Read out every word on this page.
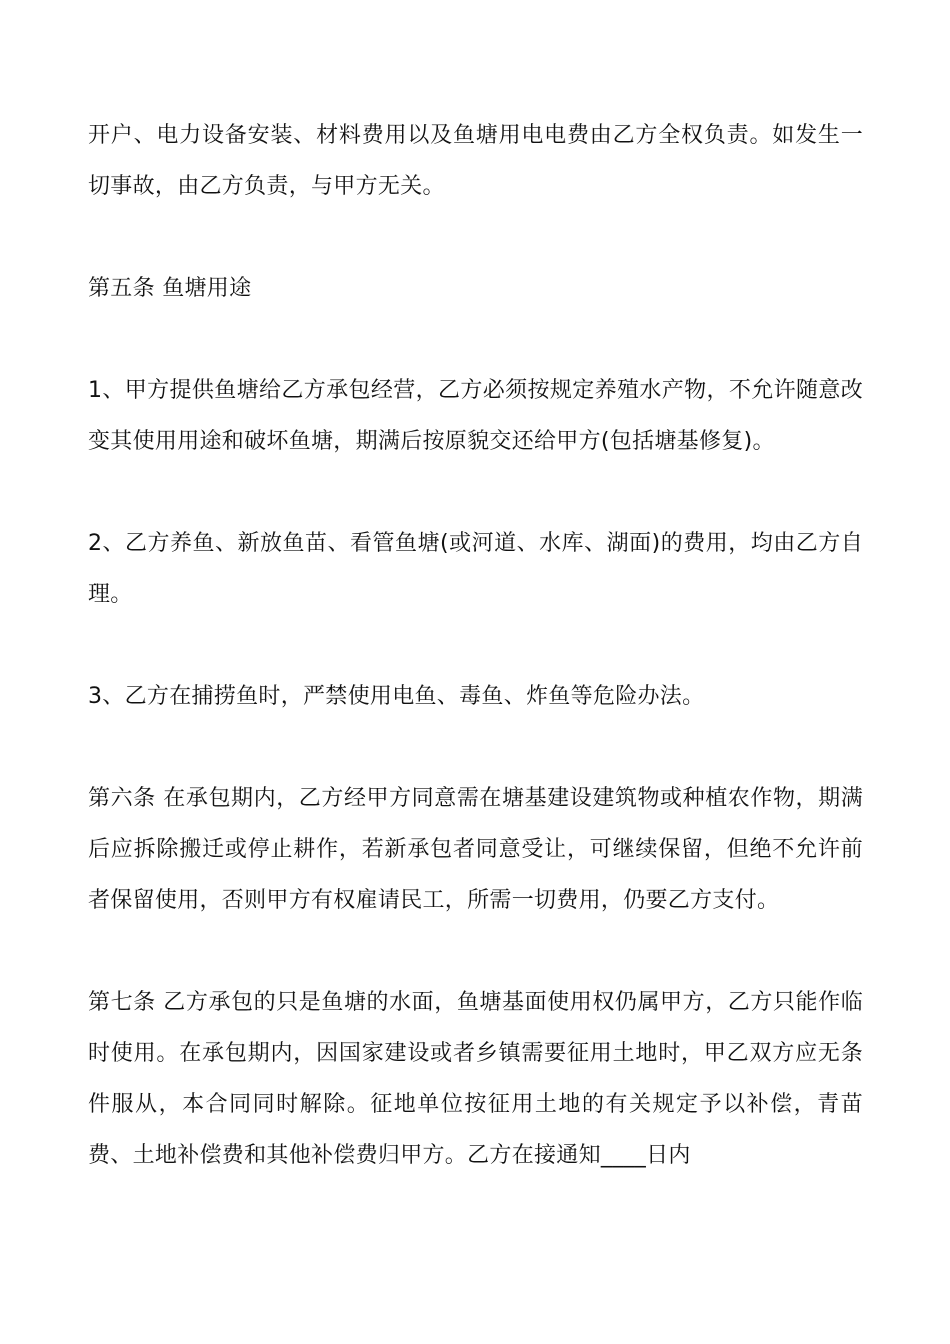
开户、电力设备安装、材料费用以及鱼塘用电电费由乙方全权负责。如发生一切事故，由乙方负责，与甲方无关。

第五条 鱼塘用途

1、甲方提供鱼塘给乙方承包经营，乙方必须按规定养殖水产物，不允许随意改变其使用用途和破坏鱼塘，期满后按原貌交还给甲方(包括塘基修复)。

2、乙方养鱼、新放鱼苗、看管鱼塘(或河道、水库、湖面)的费用，均由乙方自理。

3、乙方在捕捞鱼时，严禁使用电鱼、毒鱼、炸鱼等危险办法。

第六条 在承包期内，乙方经甲方同意需在塘基建设建筑物或种植农作物，期满后应拆除搬迁或停止耕作，若新承包者同意受让，可继续保留，但绝不允许前者保留使用，否则甲方有权雇请民工，所需一切费用，仍要乙方支付。

第七条 乙方承包的只是鱼塘的水面，鱼塘基面使用权仍属甲方，乙方只能作临时使用。在承包期内，因国家建设或者乡镇需要征用土地时，甲乙双方应无条件服从，本合同同时解除。征地单位按征用土地的有关规定予以补偿，青苗费、土地补偿费和其他补偿费归甲方。乙方在接通知____日内
